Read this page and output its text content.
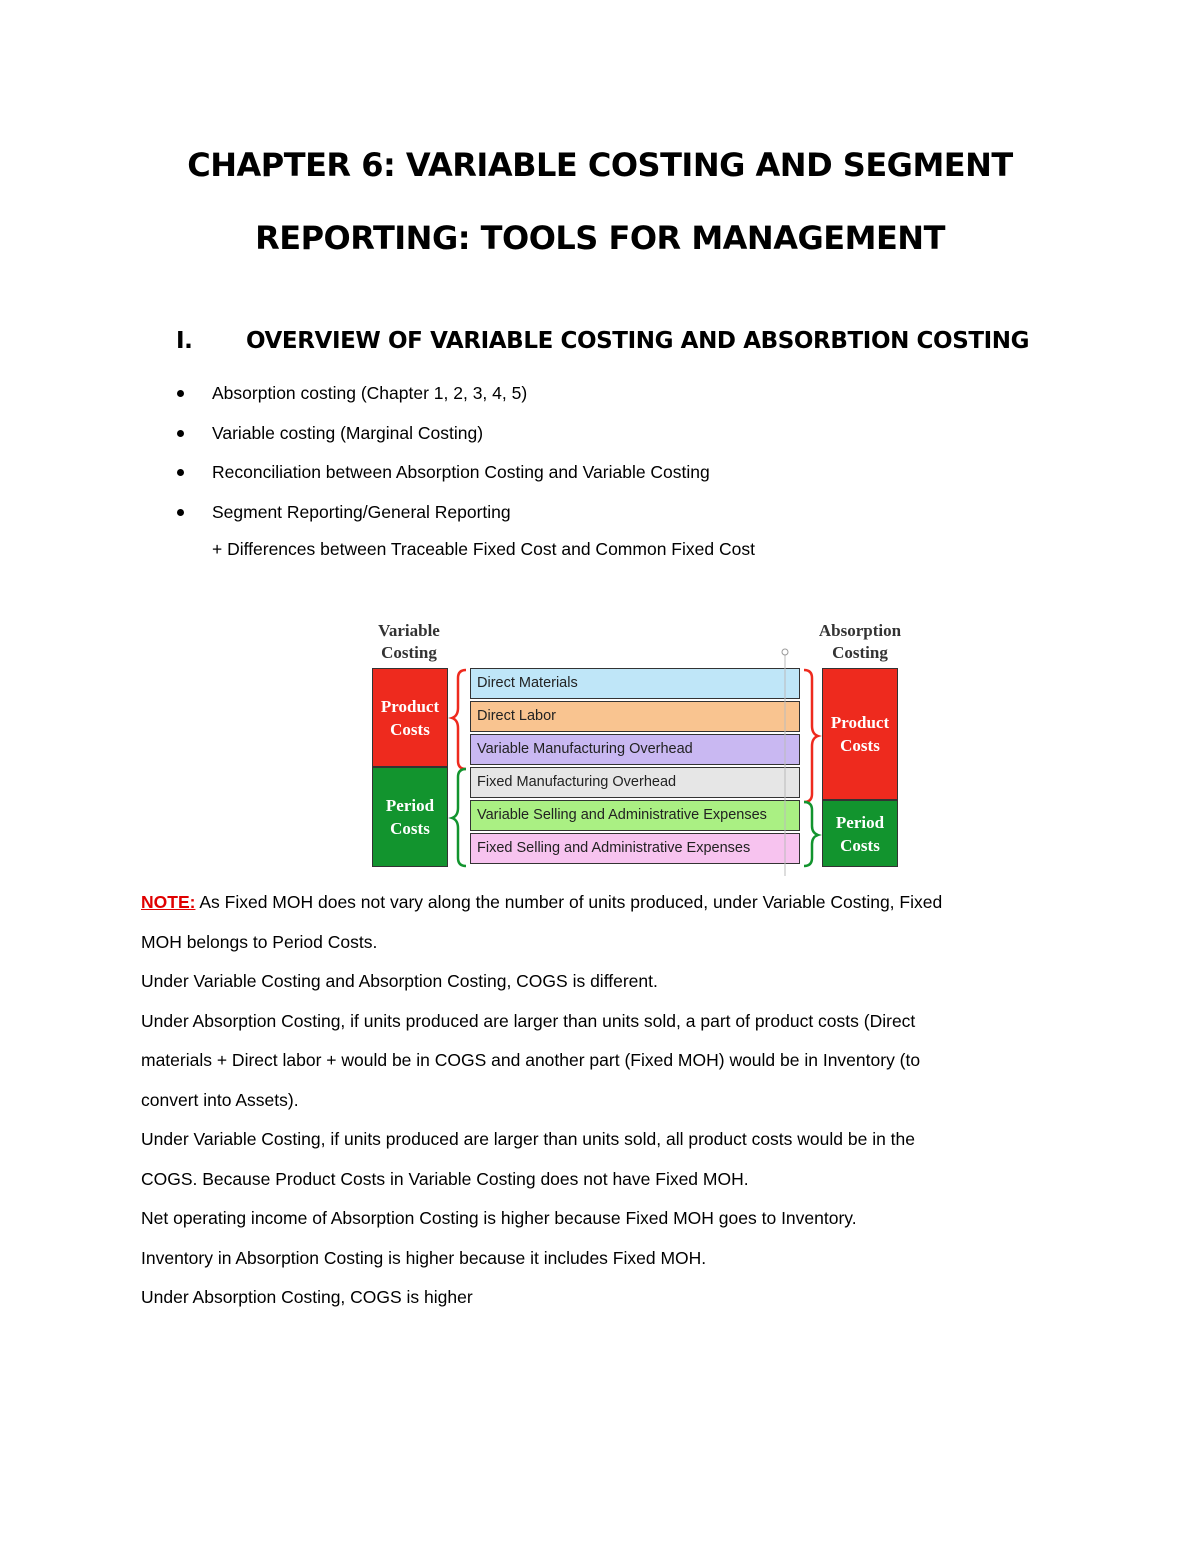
CHAPTER 6: VARIABLE COSTING AND SEGMENT
REPORTING: TOOLS FOR MANAGEMENT
I. OVERVIEW OF VARIABLE COSTING AND ABSORBTION COSTING
Absorption costing (Chapter 1, 2, 3, 4, 5)
Variable costing (Marginal Costing)
Reconciliation between Absorption Costing and Variable Costing
Segment Reporting/General Reporting
+ Differences between Traceable Fixed Cost and Common Fixed Cost
Variable
Costing
Absorption
Costing
Product
Costs
Period
Costs
Product
Costs
Period
Costs
Direct Materials
Direct Labor
Variable Manufacturing Overhead
Fixed Manufacturing Overhead
Variable Selling and Administrative Expenses
Fixed Selling and Administrative Expenses

NOTE: As Fixed MOH does not vary along the number of units produced, under Variable Costing, Fixed

MOH belongs to Period Costs.

Under Variable Costing and Absorption Costing, COGS is different.

Under Absorption Costing, if units produced are larger than units sold, a part of product costs (Direct

materials + Direct labor + would be in COGS and another part (Fixed MOH) would be in Inventory (to

convert into Assets).

Under Variable Costing, if units produced are larger than units sold, all product costs would be in the

COGS. Because Product Costs in Variable Costing does not have Fixed MOH.

Net operating income of Absorption Costing is higher because Fixed MOH goes to Inventory.

Inventory in Absorption Costing is higher because it includes Fixed MOH.

Under Absorption Costing, COGS is higher
